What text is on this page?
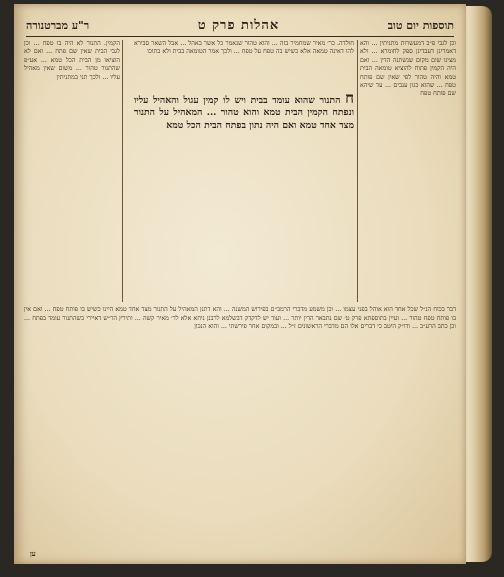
תוספות יום טוב
אהלות פרק ט
ר"ע מברטנורה
וכן לגבי פ״ב דמעשרות מתניתין ... והא דאמרינן דעבדינן ספק לחומרא ... ולא מצינו שום מקום שנשתנה הדין ... ואם היה הקמין פתוח להוציא טומאה הבית טמא והיה טהור לפי שאין שם פותח טפח ... שהוא כגון ענבים ... עד שיהא שם פותח טפח
חולדה. כר׳ מאיר שמחמיר בזה ... והוא טהור שנאמר כל אשר באהל ... אבל השאר סבירא להו דאינה טמאה אלא כשיש בה טפח על טפח ... ולכך אמר הטומאה בבית ולא בתוכו
ח התנור שהוא עומד בבית ויש לו קמין עגול והאהיל עליו ונפתח הקמין הבית טמא והוא טהור ... המאהיל על התנור מצד אחד טמא ואם היה נתון בפתח הבית הכל טמא
הקמין. התנור לא היה בו טפח ... וכן לגבי הבית שאין שם פתח ... ואם לא הוציאו מן הבית הכל טמא ... אע״פ שהתנור טהור ... משום שאין מאהיל עליו ... ולכך תני במתניתין
דבר בכוח הנ״ל שכל אחד הוא אוהל בפני עצמו ... וכן משמע מדברי הרמב״ם בפירוש המשנה ... והא דתנן המאהיל על התנור מצד אחד טמא היינו כשיש בו פותח טפח ... ואם אין בו פותח טפח טהור ... ועיין בתוספתא פרק ט׳ שם נתבאר הדין יותר ... ועוד יש לדקדק דבשלמא לרבנן ניחא אלא לר׳ מאיר קשה ... ותירץ הר״ש דאיירי כשהתנור עומד בפתח ... וכן כתב הרע״ב ... ודו״ק היטב כי דברים אלו הם מדברי הראשונים ז״ל ... ובמקום אחר פירשתי ... והוא הנכון
ען
